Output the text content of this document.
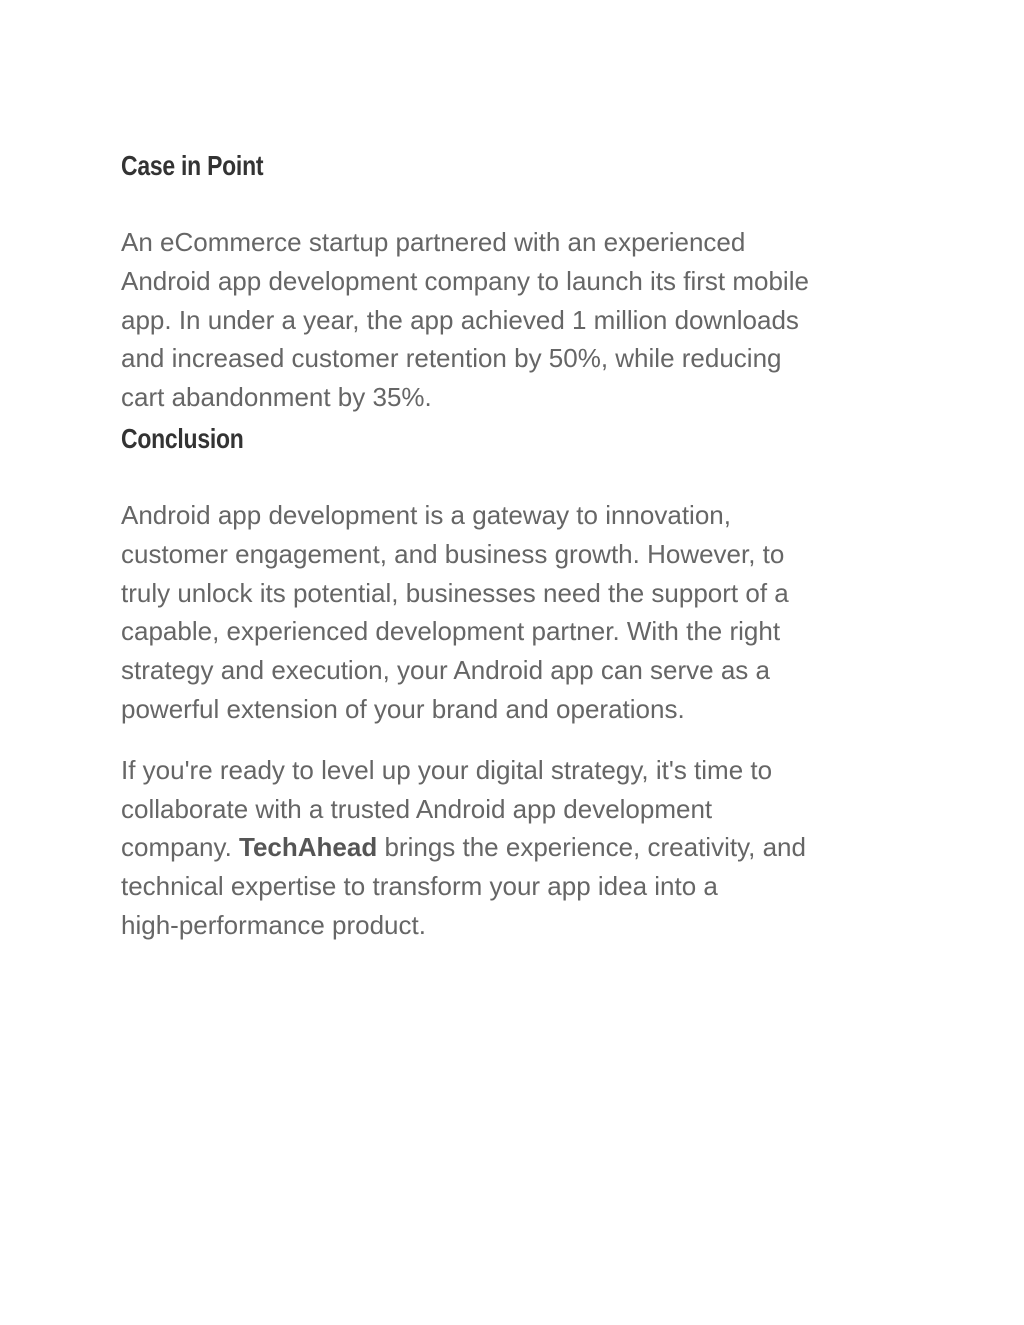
Case in Point

An eCommerce startup partnered with an experienced
Android app development company to launch its first mobile
app. In under a year, the app achieved 1 million downloads
and increased customer retention by 50%, while reducing
cart abandonment by 35%.

Conclusion

Android app development is a gateway to innovation,
customer engagement, and business growth. However, to
truly unlock its potential, businesses need the support of a
capable, experienced development partner. With the right
strategy and execution, your Android app can serve as a
powerful extension of your brand and operations.

If you're ready to level up your digital strategy, it's time to
collaborate with a trusted Android app development
company. TechAhead brings the experience, creativity, and
technical expertise to transform your app idea into a
high-performance product.
